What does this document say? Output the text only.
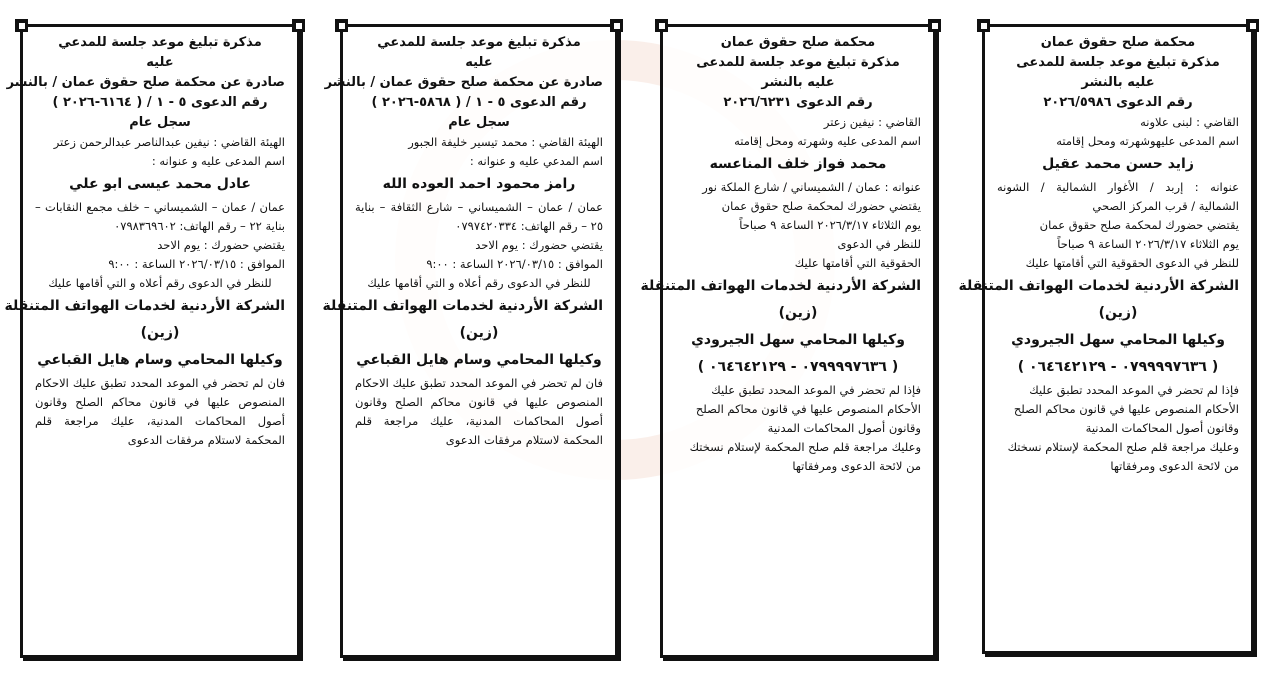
مذكرة تبليغ موعد جلسة للمدعي
عليه
صادرة عن محكمة صلح حقوق عمان / بالنشر
رقم الدعوى ٥ - ١ / ( ٦١٦٤-٢٠٢٦ )
سجل عام
الهيئة القاضي : نيفين عبدالناصر عبدالرحمن زعتر
اسم المدعى عليه و عنوانه :
عادل محمد عيسى ابو علي
عمان / عمان – الشميساني – خلف مجمع النقابات –
بناية ٢٢ – رقم الهاتف: ٠٧٩٨٣٦٩٦٠٢
يقتضي حضورك : يوم الاحد
الموافق : ٢٠٢٦/٠٣/١٥ الساعة : ٩:٠٠
للنظر في الدعوى رقم أعلاه و التي أقامها عليك
الشركة الأردنية لخدمات الهواتف المتنقلة
(زين)
وكيلها المحامي وسام هايل القباعي
فان لم تحضر في الموعد المحدد تطبق عليك الاحكام
المنصوص عليها في قانون محاكم الصلح وقانون
أصول المحاكمات المدنية، عليك مراجعة قلم
المحكمة لاستلام مرفقات الدعوى
مذكرة تبليغ موعد جلسة للمدعي
عليه
صادرة عن محكمة صلح حقوق عمان / بالنشر
رقم الدعوى ٥ - ١ / ( ٥٨٦٨-٢٠٢٦ )
سجل عام
الهيئة القاضي : محمد تيسير خليفة الجبور
اسم المدعي عليه و عنوانه :
رامز محمود احمد العوده الله
عمان / عمان – الشميساني – شارع الثقافة – بناية
٢٥ – رقم الهاتف: ٠٧٩٧٤٢٠٣٣٤
يقتضي حضورك : يوم الاحد
الموافق : ٢٠٢٦/٠٣/١٥ الساعة : ٩:٠٠
للنظر في الدعوى رقم أعلاه و التي أقامها عليك
الشركة الأردنية لخدمات الهواتف المتنقلة
(زين)
وكيلها المحامي وسام هايل القباعي
فان لم تحضر في الموعد المحدد تطبق عليك الاحكام
المنصوص عليها في قانون محاكم الصلح وقانون
أصول المحاكمات المدنية، عليك مراجعة قلم
المحكمة لاستلام مرفقات الدعوى
محكمة صلح حقوق عمان
مذكرة تبليغ موعد جلسة للمدعى
عليه بالنشر
رقم الدعوى ٢٠٢٦/٦٢٣١
القاضي : نيفين زعتر
اسم المدعى عليه وشهرته ومحل إقامته
محمد فواز خلف المناعسه
عنوانه : عمان / الشميساني / شارع الملكة نور
يقتضي حضورك لمحكمة صلح حقوق عمان
يوم الثلاثاء ٢٠٢٦/٣/١٧ الساعة ٩ صباحاً
للنظر في الدعوى
الحقوقية التي أقامتها عليك
الشركة الأردنية لخدمات الهواتف المتنقلة
(زين)
وكيلها المحامي سهل الجيرودي
( ٠٧٩٩٩٩٧٦٣٦ - ٠٦٤٦٤٢١٢٩ )
فإذا لم تحضر في الموعد المحدد تطبق عليك
الأحكام المنصوص عليها في قانون محاكم الصلح
وقانون أصول المحاكمات المدنية
وعليك مراجعة قلم صلح المحكمة لإستلام نسختك
من لائحة الدعوى ومرفقاتها
محكمة صلح حقوق عمان
مذكرة تبليغ موعد جلسة للمدعى
عليه بالنشر
رقم الدعوى ٢٠٢٦/٥٩٨٦
القاضي : لبنى علاونه
اسم المدعى عليهوشهرته ومحل إقامته
زايد حسن محمد عقيل
عنوانه : إربد / الأغوار الشمالية / الشونه
الشمالية / قرب المركز الصحي
يقتضي حضورك لمحكمة صلح حقوق عمان
يوم الثلاثاء ٢٠٢٦/٣/١٧ الساعة ٩ صباحاً
للنظر في الدعوى الحقوقية التي أقامتها عليك
الشركة الأردنية لخدمات الهواتف المتنقلة
(زين)
وكيلها المحامي سهل الجيرودي
( ٠٧٩٩٩٩٧٦٣٦ - ٠٦٤٦٤٢١٢٩ )
فإذا لم تحضر في الموعد المحدد تطبق عليك
الأحكام المنصوص عليها في قانون محاكم الصلح
وقانون أصول المحاكمات المدنية
وعليك مراجعة قلم صلح المحكمة لإستلام نسختك
من لائحة الدعوى ومرفقاتها
